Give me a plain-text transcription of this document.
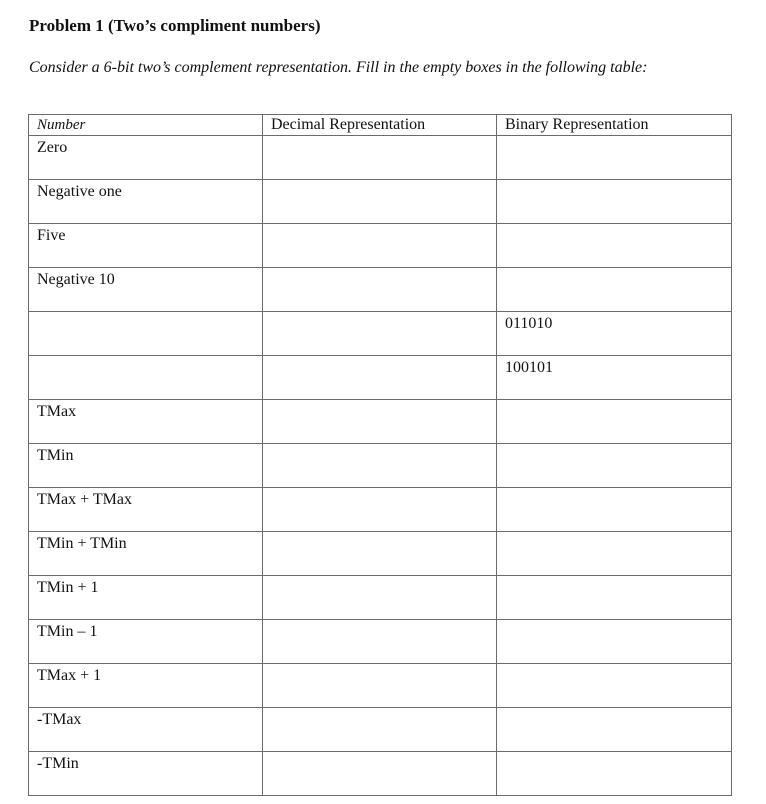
Problem 1 (Two’s compliment numbers)
Consider a 6-bit two’s complement representation. Fill in the empty boxes in the following table:
Number	Decimal Representation	Binary Representation
Zero		
Negative one		
Five		
Negative 10		
		011010
		100101
TMax		
TMin		
TMax + TMax		
TMin + TMin		
TMin + 1		
TMin – 1		
TMax + 1		
-TMax		
-TMin		
